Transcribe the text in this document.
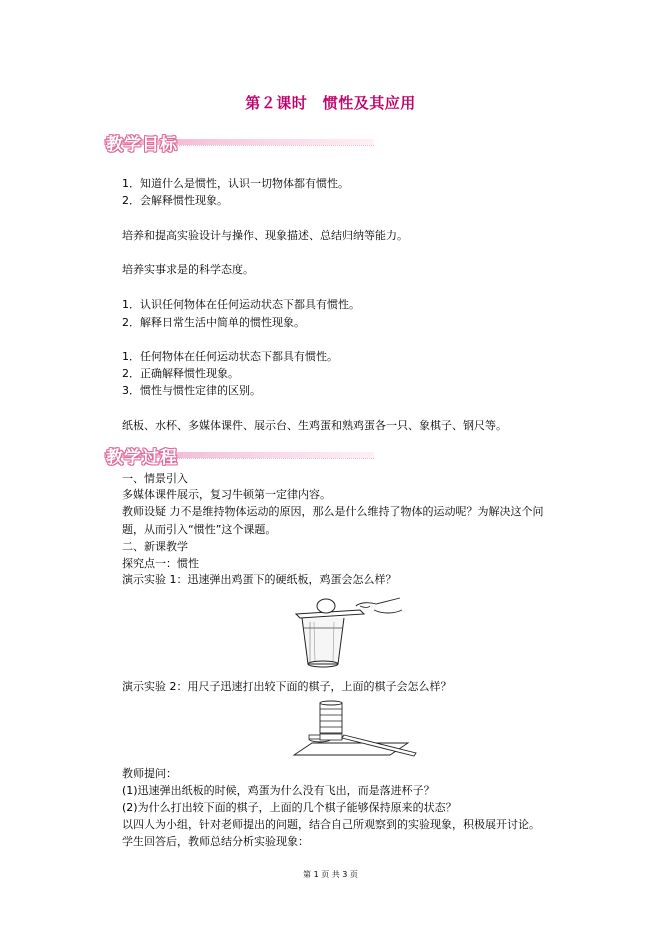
第２课时　惯性及其应用
教学目标
1．知道什么是惯性，认识一切物体都有惯性。
2．会解释惯性现象。
培养和提高实验设计与操作、现象描述、总结归纳等能力。
培养实事求是的科学态度。
1．认识任何物体在任何运动状态下都具有惯性。
2．解释日常生活中简单的惯性现象。
1．任何物体在任何运动状态下都具有惯性。
2．正确解释惯性现象。
3．惯性与惯性定律的区别。
纸板、水杯、多媒体课件、展示台、生鸡蛋和熟鸡蛋各一只、象棋子、钢尺等。
教学过程
一、情景引入
多媒体课件展示，复习牛顿第一定律内容。
教师设疑 力不是维持物体运动的原因，那么是什么维持了物体的运动呢？为解决这个问题，从而引入“惯性”这个课题。
二、新课教学
探究点一：惯性
演示实验 1：迅速弹出鸡蛋下的硬纸板，鸡蛋会怎么样？
演示实验 2：用尺子迅速打出较下面的棋子，上面的棋子会怎么样？
教师提问：
(1)迅速弹出纸板的时候，鸡蛋为什么没有飞出，而是落进杯子？
(2)为什么打出较下面的棋子，上面的几个棋子能够保持原来的状态？
以四人为小组，针对老师提出的问题，结合自己所观察到的实验现象，积极展开讨论。
学生回答后，教师总结分析实验现象：
第 1 页 共 3 页
